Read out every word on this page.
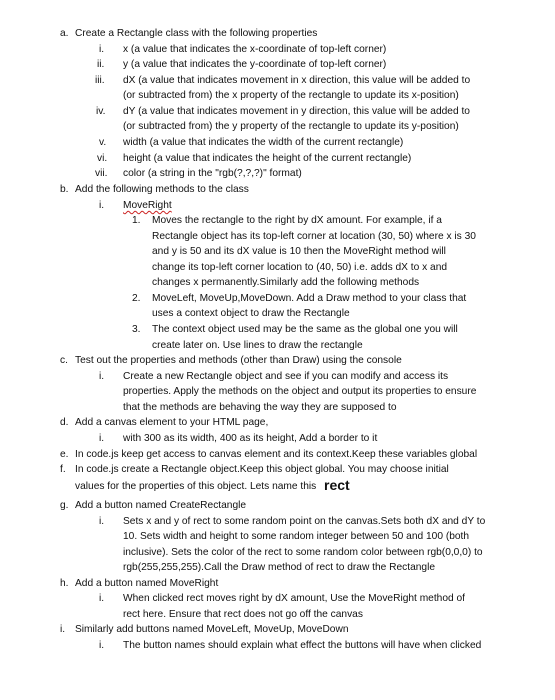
a. Create a Rectangle class with the following properties
i. x (a value that indicates the x-coordinate of top-left corner)
ii. y (a value that indicates the y-coordinate of top-left corner)
iii. dX (a value that indicates movement in x direction, this value will be added to
(or subtracted from) the x property of the rectangle to update its x-position)
iv. dY (a value that indicates movement in y direction, this value will be added to
(or subtracted from) the y property of the rectangle to update its y-position)
v. width (a value that indicates the width of the current rectangle)
vi. height (a value that indicates the height of the current rectangle)
vii. color (a string in the "rgb(?,?,?)" format)
b. Add the following methods to the class
i. MoveRight
1. Moves the rectangle to the right by dX amount. For example, if a
Rectangle object has its top-left corner at location (30, 50) where x is 30
and y is 50 and its dX value is 10 then the MoveRight method will
change its top-left corner location to (40, 50) i.e. adds dX to x and
changes x permanently.Similarly add the following methods
2. MoveLeft, MoveUp,MoveDown. Add a Draw method to your class that
uses a context object to draw the Rectangle
3. The context object used may be the same as the global one you will
create later on. Use lines to draw the rectangle
c. Test out the properties and methods (other than Draw) using the console
i. Create a new Rectangle object and see if you can modify and access its
properties. Apply the methods on the object and output its properties to ensure
that the methods are behaving the way they are supposed to
d. Add a canvas element to your HTML page,
i. with 300 as its width, 400 as its height, Add a border to it
e. In code.js keep get access to canvas element and its context.Keep these variables global
f. In code.js create a Rectangle object.Keep this object global. You may choose initial
values for the properties of this object. Lets name this rect
g. Add a button named CreateRectangle
i. Sets x and y of rect to some random point on the canvas.Sets both dX and dY to
10. Sets width and height to some random integer between 50 and 100 (both
inclusive). Sets the color of the rect to some random color between rgb(0,0,0) to
rgb(255,255,255).Call the Draw method of rect to draw the Rectangle
h. Add a button named MoveRight
i. When clicked rect moves right by dX amount, Use the MoveRight method of
rect here. Ensure that rect does not go off the canvas
i. Similarly add buttons named MoveLeft, MoveUp, MoveDown
i. The button names should explain what effect the buttons will have when clicked
